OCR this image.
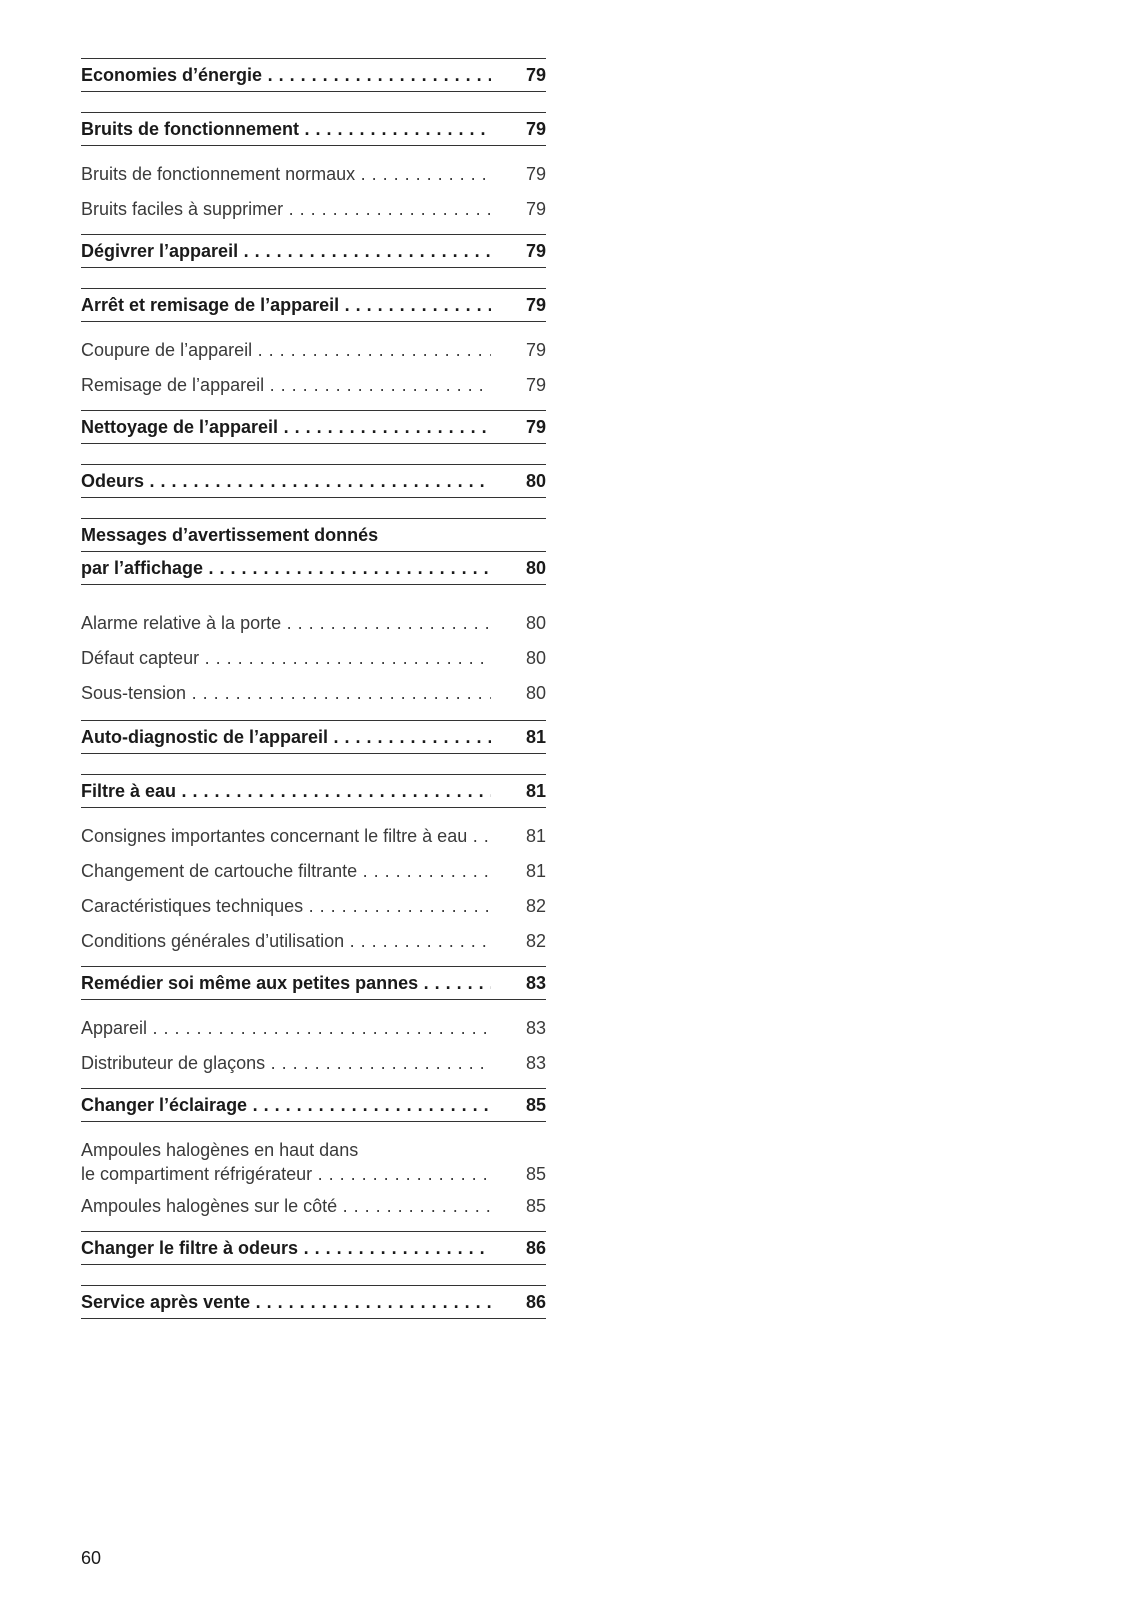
Economies d’énergie . . .	79
Bruits de fonctionnement . . .	79
Bruits de fonctionnement normaux . . .	79
Bruits faciles à supprimer . . .	79
Dégivrer l’appareil . . .	79
Arrêt et remisage de l’appareil . . .	79
Coupure de l’appareil . . .	79
Remisage de l’appareil . . .	79
Nettoyage de l’appareil . . .	79
Odeurs . . .	80
Messages d’avertissement donnés
par l’affichage . . .	80
Alarme relative à la porte . . .	80
Défaut capteur . . .	80
Sous-tension . . .	80
Auto-diagnostic de l’appareil . . .	81
Filtre à eau . . .	81
Consignes importantes concernant le filtre à eau . . .	81
Changement de cartouche filtrante . . .	81
Caractéristiques techniques . . .	82
Conditions générales d’utilisation . . .	82
Remédier soi même aux petites pannes . . .	83
Appareil . . .	83
Distributeur de glaçons . . .	83
Changer l’éclairage . . .	85
Ampoules halogènes en haut dans
le compartiment réfrigérateur . . .	85
Ampoules halogènes sur le côté . . .	85
Changer le filtre à odeurs . . .	86
Service après vente . . .	86
60
